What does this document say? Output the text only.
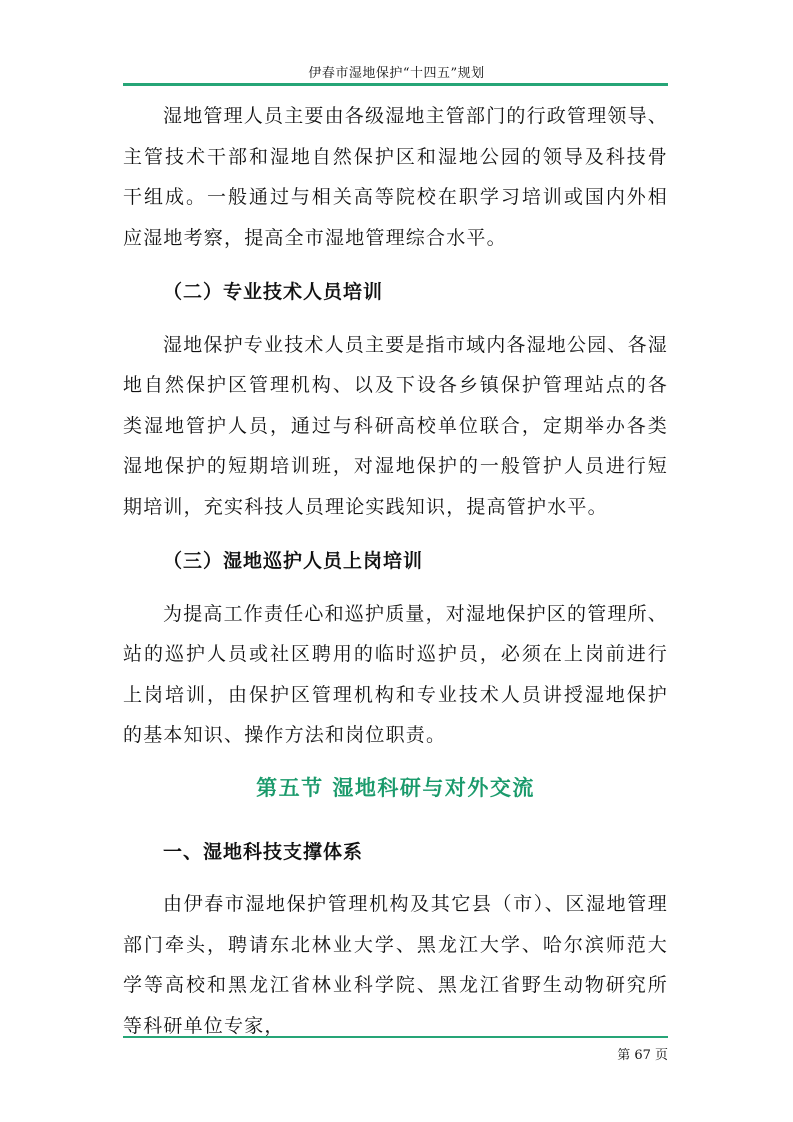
伊春市湿地保护“十四五”规划

湿地管理人员主要由各级湿地主管部门的行政管理领导、主管技术干部和湿地自然保护区和湿地公园的领导及科技骨干组成。一般通过与相关高等院校在职学习培训或国内外相应湿地考察，提高全市湿地管理综合水平。

（二）专业技术人员培训

湿地保护专业技术人员主要是指市域内各湿地公园、各湿地自然保护区管理机构、以及下设各乡镇保护管理站点的各类湿地管护人员，通过与科研高校单位联合，定期举办各类湿地保护的短期培训班，对湿地保护的一般管护人员进行短期培训，充实科技人员理论实践知识，提高管护水平。

（三）湿地巡护人员上岗培训

为提高工作责任心和巡护质量，对湿地保护区的管理所、站的巡护人员或社区聘用的临时巡护员，必须在上岗前进行上岗培训，由保护区管理机构和专业技术人员讲授湿地保护的基本知识、操作方法和岗位职责。

第五节 湿地科研与对外交流

一、湿地科技支撑体系

由伊春市湿地保护管理机构及其它县（市）、区湿地管理部门牵头，聘请东北林业大学、黑龙江大学、哈尔滨师范大学等高校和黑龙江省林业科学院、黑龙江省野生动物研究所等科研单位专家，

第 67 页
